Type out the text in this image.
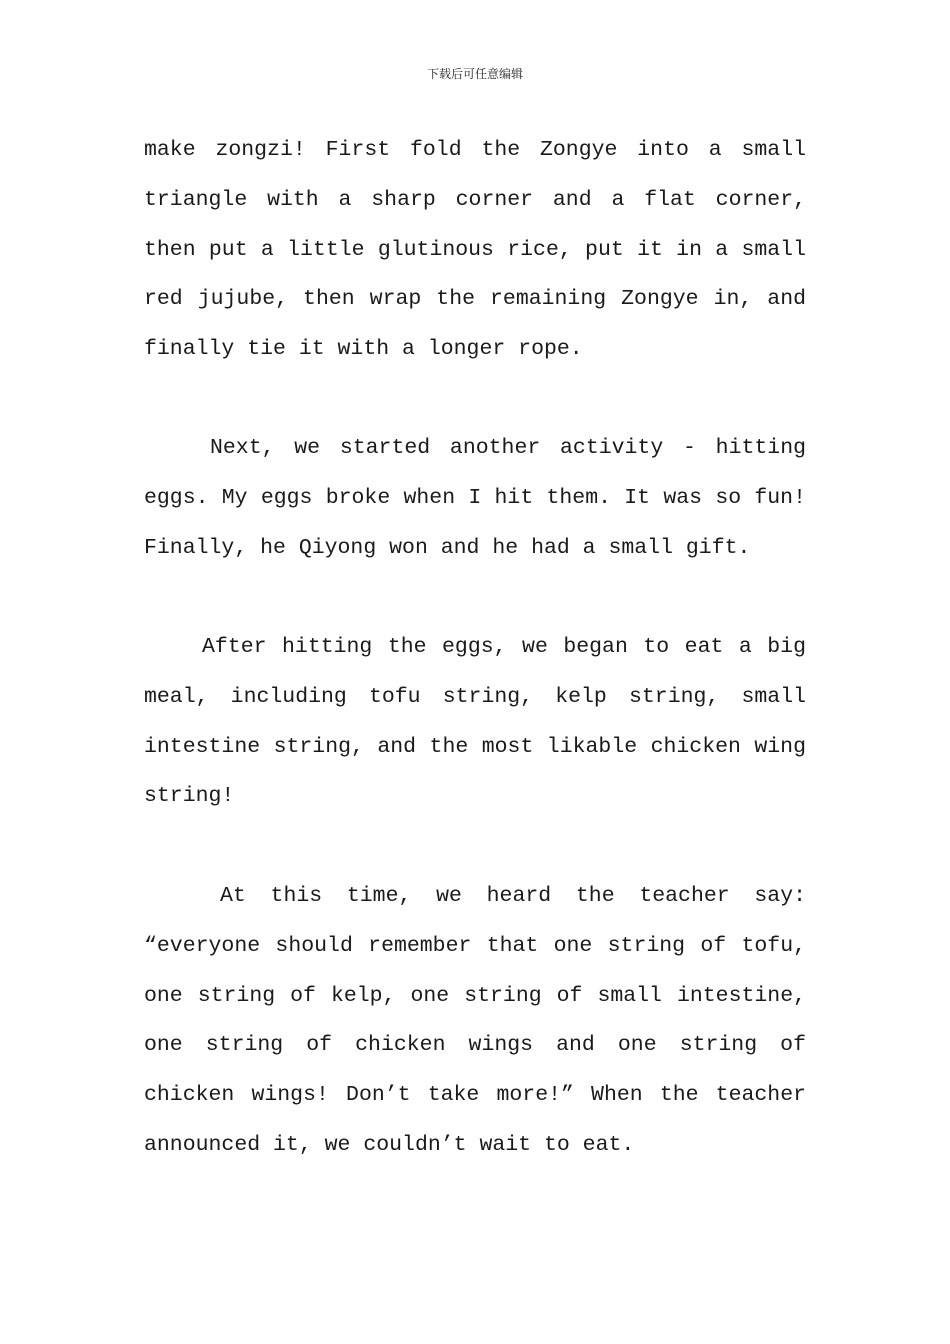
下载后可任意编辑

make zongzi! First fold the Zongye into a small
triangle with a sharp corner and a flat corner,
then put a little glutinous rice, put it in a small
red jujube, then wrap the remaining Zongye in, and
finally tie it with a longer rope.

Next, we started another activity - hitting
eggs. My eggs broke when I hit them. It was so fun!
Finally, he Qiyong won and he had a small gift.

After hitting the eggs, we began to eat a big
meal, including tofu string, kelp string, small
intestine string, and the most likable chicken wing
string!

At this time, we heard the teacher say:
“everyone should remember that one string of tofu,
one string of kelp, one string of small intestine,
one string of chicken wings and one string of
chicken wings! Don’t take more!” When the teacher
announced it, we couldn’t wait to eat.
